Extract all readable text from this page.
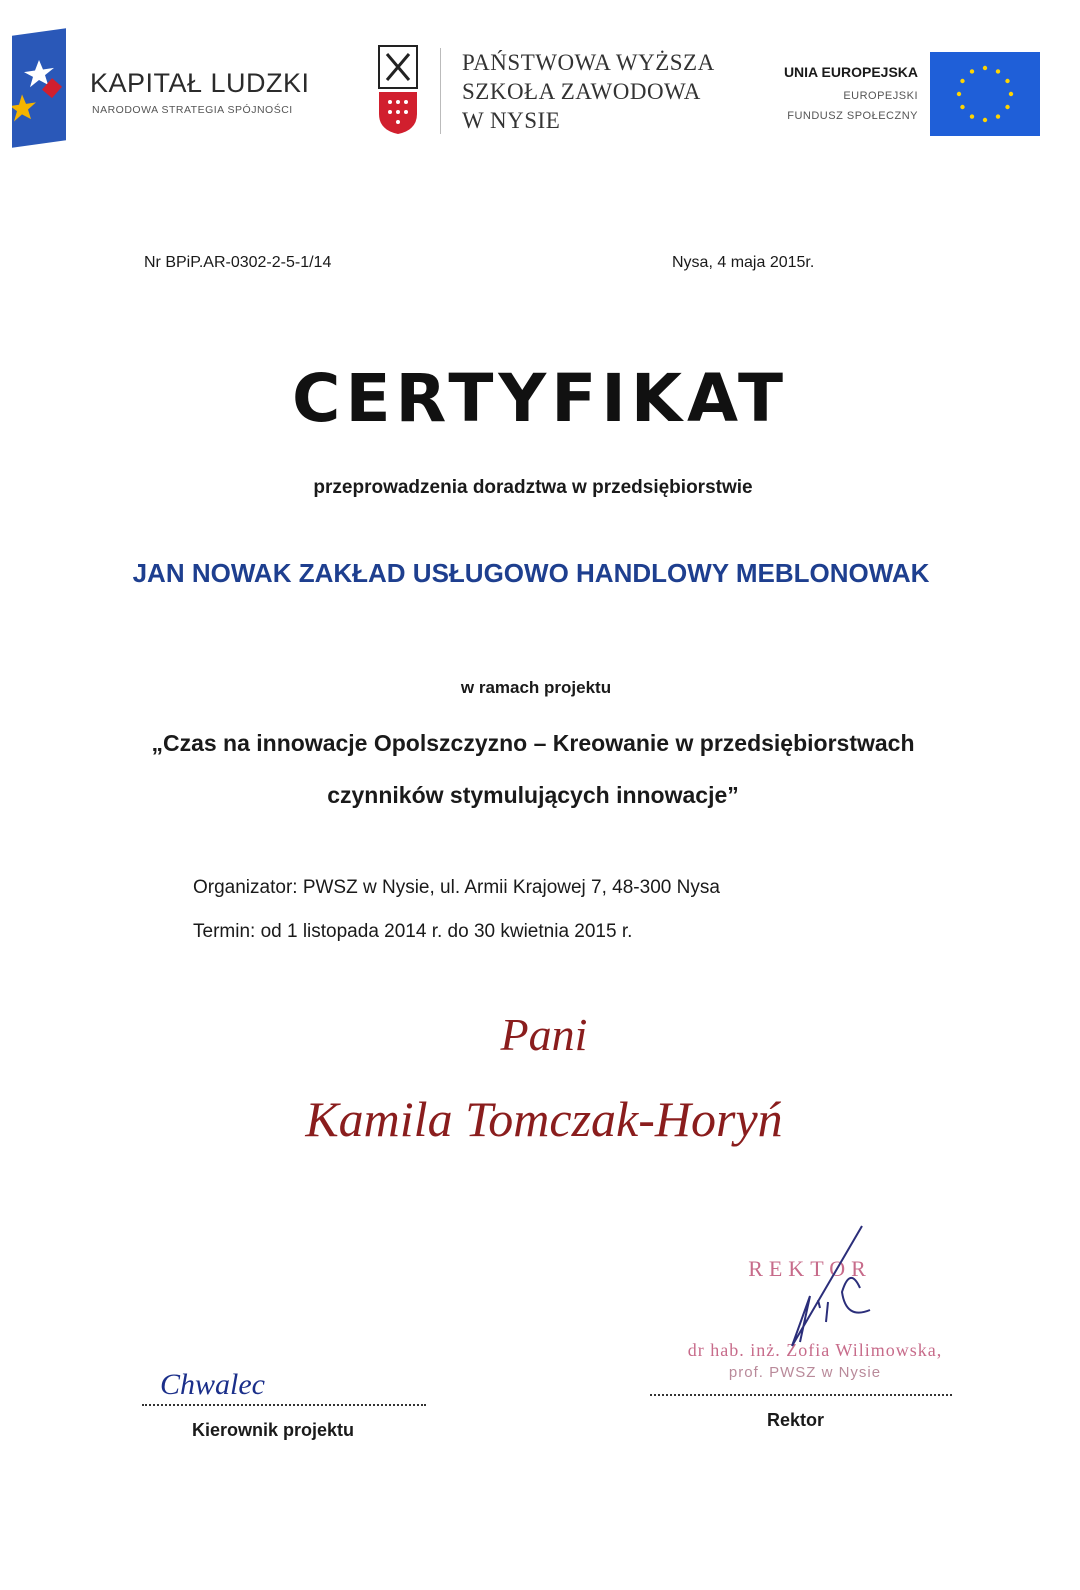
KAPITAŁ LUDZKI
NARODOWA STRATEGIA SPÓJNOŚCI
PAŃSTWOWA WYŻSZA
SZKOŁA ZAWODOWA
W NYSIE
UNIA EUROPEJSKA
EUROPEJSKI
FUNDUSZ SPOŁECZNY
Nr BPiP.AR-0302-2-5-1/14	Nysa, 4 maja 2015r.
CERTYFIKAT
przeprowadzenia doradztwa w przedsiębiorstwie
JAN NOWAK ZAKŁAD USŁUGOWO HANDLOWY MEBLONOWAK
w ramach projektu
„Czas na innowacje Opolszczyzno – Kreowanie w przedsiębiorstwach
czynników stymulujących innowacje”
Organizator: PWSZ w Nysie, ul. Armii Krajowej 7, 48-300 Nysa
Termin: od 1 listopada 2014 r. do 30 kwietnia 2015 r.
Pani
Kamila Tomczak-Horyń
Chwalec
Kierownik projektu
REKTOR
dr hab. inż. Zofia Wilimowska,
prof. PWSZ w Nysie
Rektor
